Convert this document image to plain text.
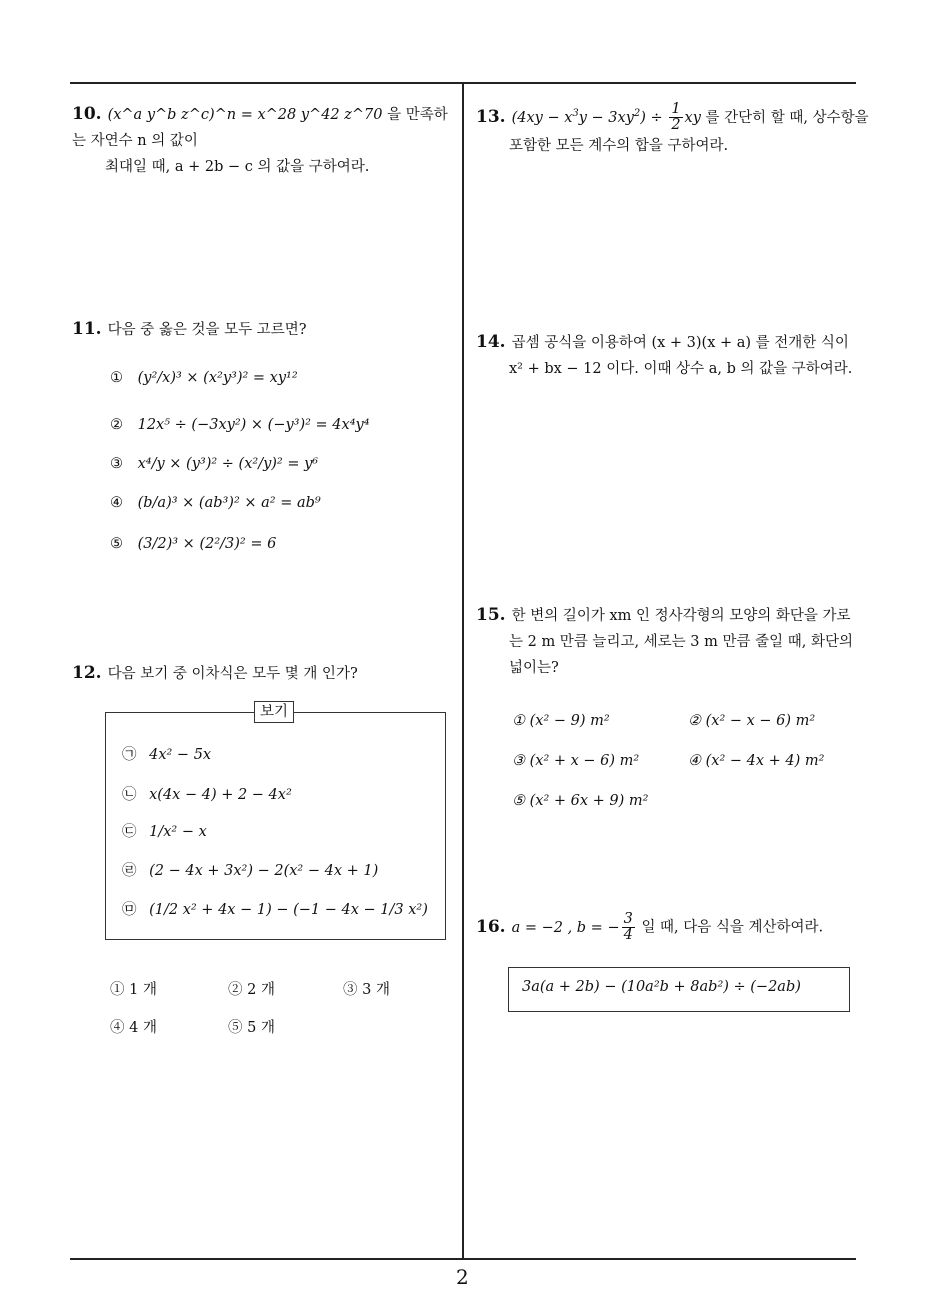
10. (x^a y^b z^c)^n = x^28 y^42 z^70 을 만족하는 자연수 n 의 값이
최대일 때, a + 2b − c 의 값을 구하여라.
11. 다음 중 옳은 것을 모두 고르면?
① (y²/x)³ × (x²y³)² = xy¹²
② 12x⁵ ÷ (−3xy²) × (−y³)² = 4x⁴y⁴
③ x⁴/y × (y³)² ÷ (x²/y)² = y⁶
④ (b/a)³ × (ab³)² × a² = ab⁹
⑤ (3/2)³ × (2²/3)² = 6
12. 다음 보기 중 이차식은 모두 몇 개 인가?
보기
㉠ 4x² − 5x
㉡ x(4x − 4) + 2 − 4x²
㉢ 1/x² − x
㉣ (2 − 4x + 3x²) − 2(x² − 4x + 1)
㉤ (1/2 x² + 4x − 1) − (−1 − 4x − 1/3 x²)
① 1 개	② 2 개	③ 3 개
④ 4 개	⑤ 5 개
13. $(4xy - x^3y - 3xy^2) \div \frac{1}{2}$ xy 를 간단히 할 때, 상수항을
포함한 모든 계수의 합을 구하여라.
14. 곱셈 공식을 이용하여 (x + 3)(x + a) 를 전개한 식이
x² + bx − 12 이다. 이때 상수 a, b 의 값을 구하여라.
15. 한 변의 길이가 xm 인 정사각형의 모양의 화단을 가로
는 2 m 만큼 늘리고, 세로는 3 m 만큼 줄일 때, 화단의
넓이는?
① (x² − 9) m²	② (x² − x − 6) m²
③ (x² + x − 6) m²	④ (x² − 4x + 4) m²
⑤ (x² + 6x + 9) m²
16. a = −2 , b = − $\frac{3}{4}$ 일 때, 다음 식을 계산하여라.
3a(a + 2b) − (10a²b + 8ab²) ÷ (−2ab)
2
